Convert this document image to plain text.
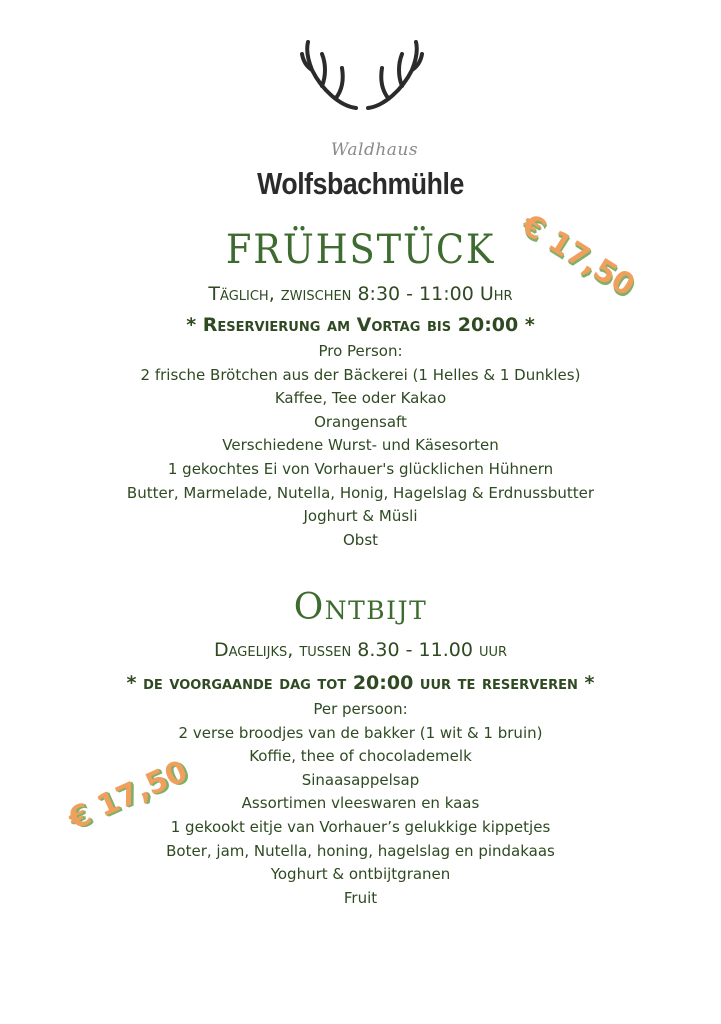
Waldhaus
Wolfsbachmühle
€ 17,50
FRÜHSTÜCK
Täglich, zwischen 8:30 - 11:00 Uhr
* Reservierung am Vortag bis 20:00 *
Pro Person:
2 frische Brötchen aus der Bäckerei (1 Helles & 1 Dunkles)
Kaffee, Tee oder Kakao
Orangensaft
Verschiedene Wurst- und Käsesorten
1 gekochtes Ei von Vorhauer's glücklichen Hühnern
Butter, Marmelade, Nutella, Honig, Hagelslag & Erdnussbutter
Joghurt & Müsli
Obst
Ontbijt
Dagelijks, tussen 8.30 - 11.00 uur
* de voorgaande dag tot 20:00 uur te reserveren *
Per persoon:
2 verse broodjes van de bakker (1 wit & 1 bruin)
Koffie, thee of chocolademelk
Sinaasappelsap
Assortimen vleeswaren en kaas
1 gekookt eitje van Vorhauer’s gelukkige kippetjes
Boter, jam, Nutella, honing, hagelslag en pindakaas
Yoghurt & ontbijtgranen
Fruit
€ 17,50
